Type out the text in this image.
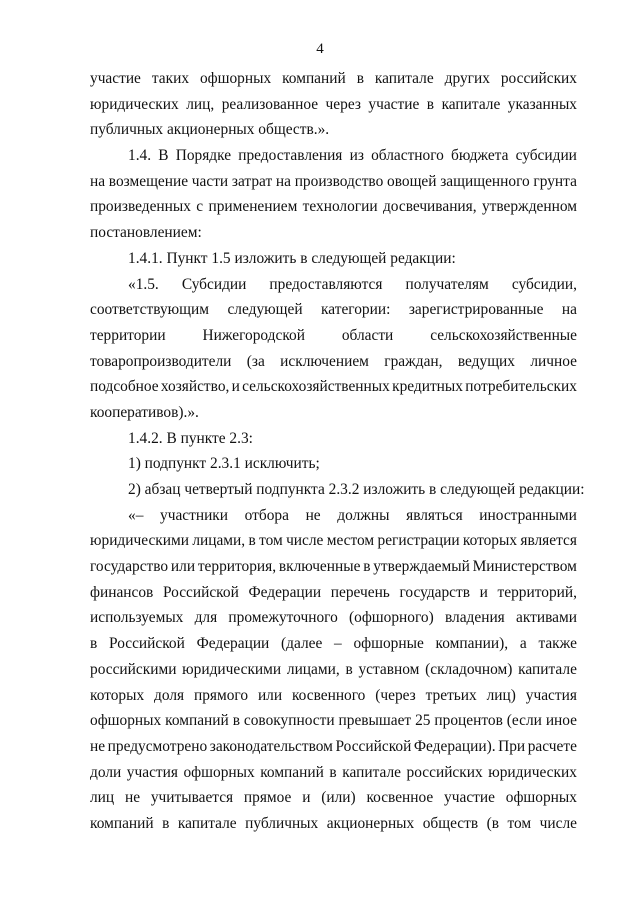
4
участие таких офшорных компаний в капитале других российских
юридических лиц, реализованное через участие в капитале указанных
публичных акционерных обществ.».
1.4. В Порядке предоставления из областного бюджета субсидии
на возмещение части затрат на производство овощей защищенного грунта
произведенных с применением технологии досвечивания, утвержденном
постановлением:
1.4.1. Пункт 1.5 изложить в следующей редакции:
«1.5. Субсидии предоставляются получателям субсидии,
соответствующим следующей категории: зарегистрированные на
территории Нижегородской области сельскохозяйственные
товаропроизводители (за исключением граждан, ведущих личное
подсобное хозяйство, и сельскохозяйственных кредитных потребительских
кооперативов).».
1.4.2. В пункте 2.3:
1) подпункт 2.3.1 исключить;
2) абзац четвертый подпункта 2.3.2 изложить в следующей редакции:
«– участники отбора не должны являться иностранными
юридическими лицами, в том числе местом регистрации которых является
государство или территория, включенные в утверждаемый Министерством
финансов Российской Федерации перечень государств и территорий,
используемых для промежуточного (офшорного) владения активами
в Российской Федерации (далее – офшорные компании), а также
российскими юридическими лицами, в уставном (складочном) капитале
которых доля прямого или косвенного (через третьих лиц) участия
офшорных компаний в совокупности превышает 25 процентов (если иное
не предусмотрено законодательством Российской Федерации). При расчете
доли участия офшорных компаний в капитале российских юридических
лиц не учитывается прямое и (или) косвенное участие офшорных
компаний в капитале публичных акционерных обществ (в том числе
